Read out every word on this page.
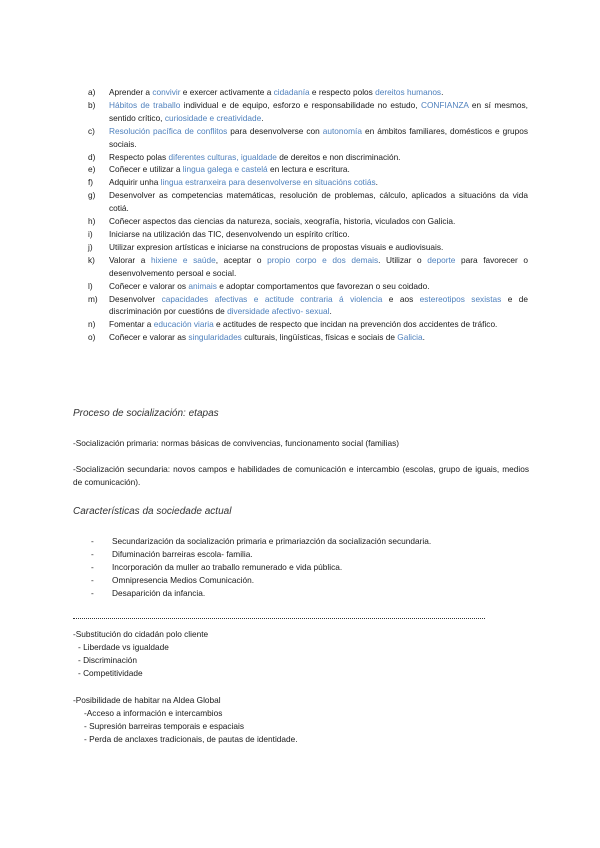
a) Aprender a convivir e exercer activamente a cidadanía e respecto polos dereitos humanos.
b) Hábitos de traballo individual e de equipo, esforzo e responsabilidade no estudo, CONFIANZA en sí mesmos, sentido crítico, curiosidade e creatividade.
c) Resolución pacífica de conflitos para desenvolverse con autonomía en ámbitos familiares, domésticos e grupos sociais.
d) Respecto polas diferentes culturas, igualdade de dereitos e non discriminación.
e) Coñecer e utilizar a lingua galega e castelá en lectura e escritura.
f) Adquirir unha lingua estranxeira para desenvolverse en situacións cotiás.
g) Desenvolver as competencias matemáticas, resolución de problemas, cálculo, aplicados a situacións da vida cotiá.
h) Coñecer aspectos das ciencias da natureza, sociais, xeografía, historia, viculados con Galicia.
i) Iniciarse na utilización das TIC, desenvolvendo un espírito crítico.
j) Utilizar expresion artísticas e iniciarse na construcions de propostas visuais e audiovisuais.
k) Valorar a hixiene e saúde, aceptar o propio corpo e dos demais. Utilizar o deporte para favorecer o desenvolvemento persoal e social.
l) Coñecer e valorar os animais e adoptar comportamentos que favorezan o seu coidado.
m) Desenvolver capacidades afectivas e actitude contraria á violencia e aos estereotipos sexistas e de discriminación por cuestións de diversidade afectivo- sexual.
n) Fomentar a educación viaria e actitudes de respecto que incidan na prevención dos accidentes de tráfico.
o) Coñecer e valorar as singularidades culturais, lingüísticas, físicas e sociais de Galicia.
Proceso de socialización: etapas
-Socialización primaria: normas básicas de convivencias, funcionamento social (familias)
-Socialización secundaria: novos campos e habilidades de comunicación e intercambio (escolas, grupo de iguais, medios de comunicación).
Características da sociedade actual
- Secundarización da socialización primaria e primariazción da socialización secundaria.
- Difuminación barreiras escola- familia.
- Incorporación da muller ao traballo remunerado e vida pública.
- Omnipresencia Medios Comunicación.
- Desaparición da infancia.
-Substitución do cidadán polo cliente
- Liberdade vs igualdade
- Discriminación
- Competitividade
-Posibilidade de habitar na Aldea Global
-Acceso a información e intercambios
- Supresión barreiras temporais e espaciais
- Perda de anclaxes tradicionais, de pautas de identidade.
